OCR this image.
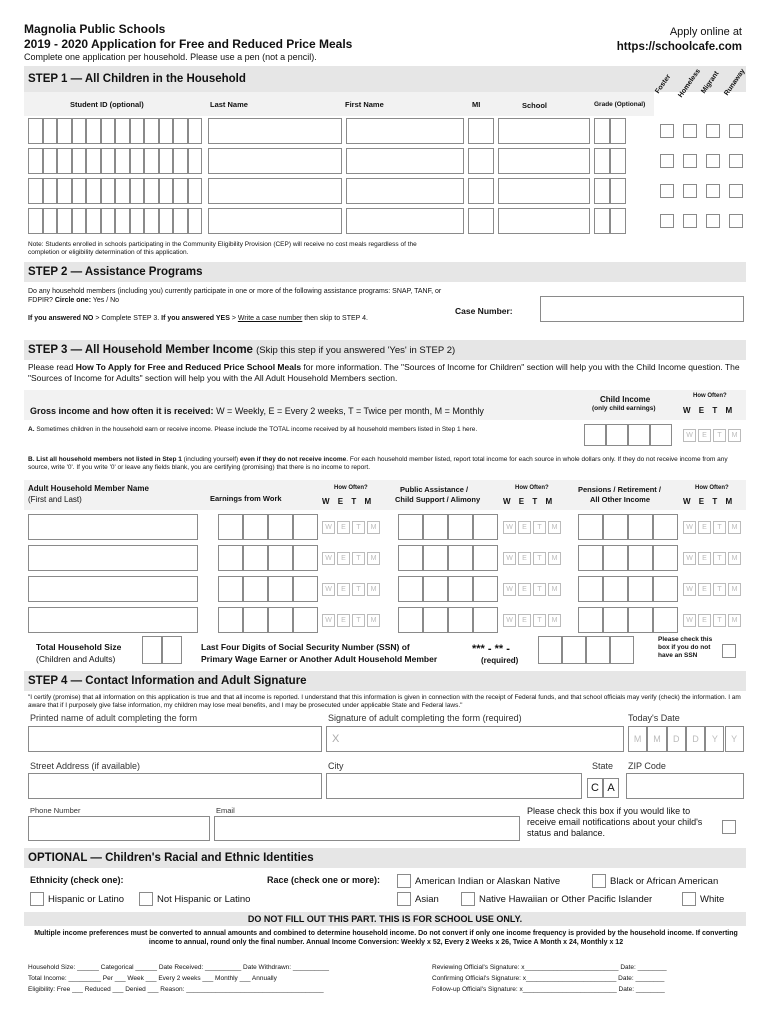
Magnolia Public Schools
2019 - 2020 Application for Free and Reduced Price Meals
Complete one application per household. Please use a pen (not a pencil).
Apply online at
https://schoolcafe.com
STEP 1 — All Children in the Household	Foster Homeless
Migrant Runaway
Student ID (optional)	Last Name	First Name	MI	School	Grade (Optional)
Note: Students enrolled in schools participating in the Community Eligibility Provision (CEP) will receive no cost meals regardless of the completion or eligibility determination of this application.
STEP 2 — Assistance Programs
Do any household members (including you) currently participate in one or more of the following assistance programs: SNAP, TANF, or FDPIR? Circle one: Yes / No
If you answered NO > Complete STEP 3. If you answered YES > Write a case number then skip to STEP 4.
Case Number:
STEP 3 — All Household Member Income (Skip this step if you answered 'Yes' in STEP 2)
Please read How To Apply for Free and Reduced Price School Meals for more information. The "Sources of Income for Children" section will help you with the Child Income question. The "Sources of Income for Adults" section will help you with the All Adult Household Members section.
Gross income and how often it is received: W = Weekly, E = Every 2 weeks, T = Twice per month, M = Monthly
Child Income
(only child earnings)
How Often?
W E T M
A. Sometimes children in the household earn or receive income. Please include the TOTAL income received by all household members listed in Step 1 here.
W	E	T	M
B. List all household members not listed in Step 1 (including yourself) even if they do not receive income. For each household member listed, report total income for each source in whole dollars only. If they do not receive income from any source, write '0'. If you write '0' or leave any fields blank, you are certifying (promising) that there is no income to report.
Adult Household Member Name
(First and Last)	Earnings from Work
Public Assistance /
Child Support / Alimony
Pensions / Retirement /
All Other Income
How Often?
W E T M
How Often?
W E T M
How Often?
W E T M
W	E	T	M	W	E	T	M	W	E	T	M
W	E	T	M	W	E	T	M	W	E	T	M
W	E	T	M	W	E	T	M	W	E	T	M
W	E	T	M	W	E	T	M	W	E	T	M
Total Household Size
(Children and Adults)
Last Four Digits of Social Security Number (SSN) of
Primary Wage Earner or Another Adult Household Member
*** - ** -
(required)
Please check this box if you do not have an SSN
STEP 4 — Contact Information and Adult Signature
"I certify (promise) that all information on this application is true and that all income is reported. I understand that this information is given in connection with the receipt of Federal funds, and that school officials may verify (check) the information. I am aware that if I purposely give false information, my children may lose meal benefits, and I may be prosecuted under applicable State and Federal laws."
Printed name of adult completing the form	Signature of adult completing the form (required)	Today's Date
X	M	M	D	D	Y	Y
Street Address (if available)	City	State ZIP Code
C A
Phone Number	Email	Please check this box if you would like to receive email notifications about your child's status and balance.
OPTIONAL — Children's Racial and Ethnic Identities
Ethnicity (check one):
Hispanic or Latino	Not Hispanic or Latino
Race (check one or more):	American Indian or Alaskan Native	Black or African American
Asian	Native Hawaiian or Other Pacific Islander	White
DO NOT FILL OUT THIS PART. THIS IS FOR SCHOOL USE ONLY.
Multiple income preferences must be converted to annual amounts and combined to determine household income. Do not convert if only one income frequency is provided by the household income. If converting income to annual, round only the final number. Annual Income Conversion: Weekly x 52, Every 2 Weeks x 26, Twice A Month x 24, Monthly x 12
Household Size: ______ Categorical ______ Date Received: __________ Date Withdrawn: __________
Total Income: _________ Per ___ Week ___ Every 2 weeks ___ Monthly ___ Annually
Eligibility: Free ___ Reduced ___ Denied ___ Reason: ______________________________________
Reviewing Official's Signature: x__________________________ Date: ________
Confirming Official's Signature: x_________________________ Date: ________
Follow-up Official's Signature: x__________________________ Date: ________
